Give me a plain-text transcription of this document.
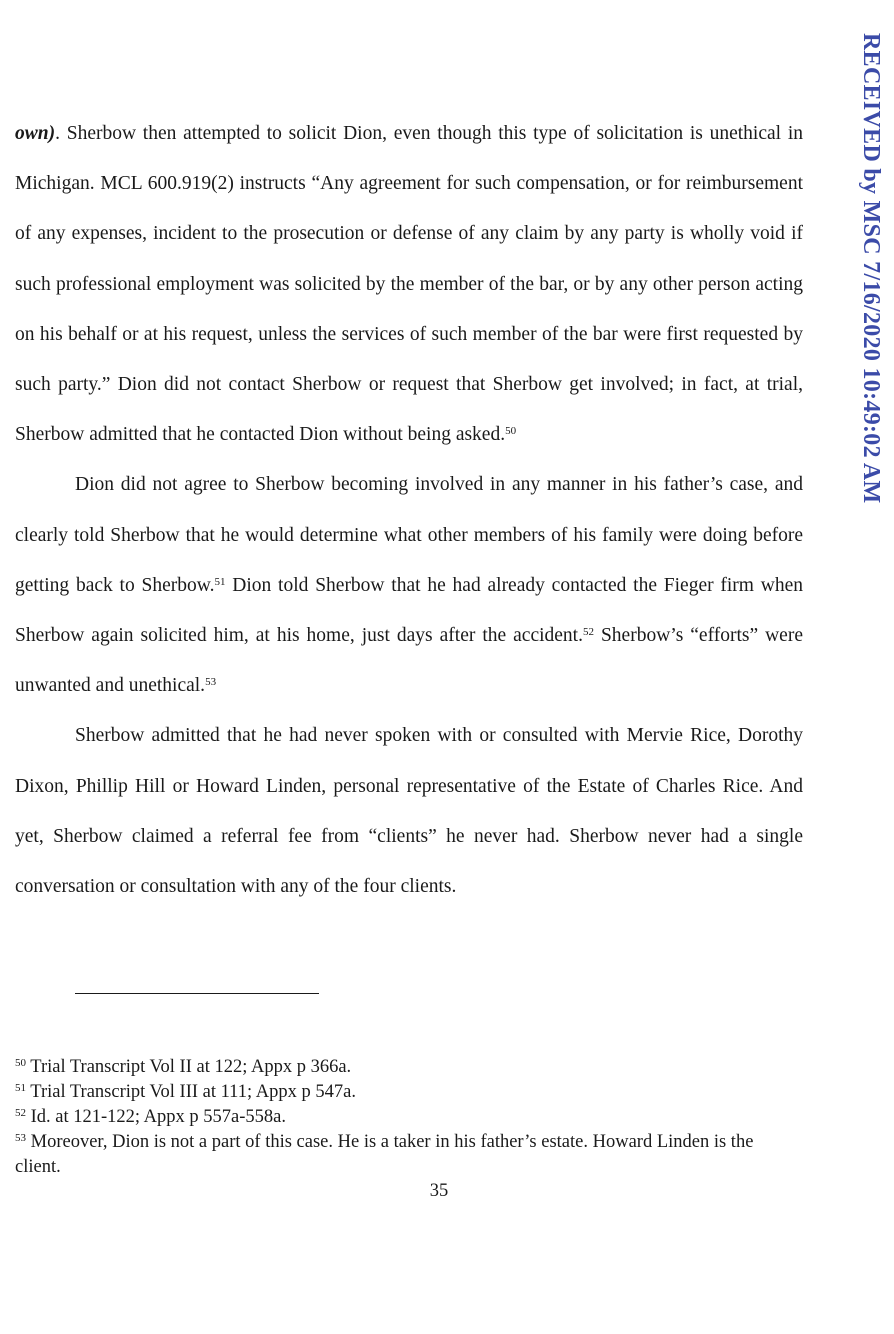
RECEIVED by MSC 7/16/2020 10:49:02 AM

own). Sherbow then attempted to solicit Dion, even though this type of solicitation is unethical in Michigan. MCL 600.919(2) instructs “Any agreement for such compensation, or for reimbursement of any expenses, incident to the prosecution or defense of any claim by any party is wholly void if such professional employment was solicited by the member of the bar, or by any other person acting on his behalf or at his request, unless the services of such member of the bar were first requested by such party.” Dion did not contact Sherbow or request that Sherbow get involved; in fact, at trial, Sherbow admitted that he contacted Dion without being asked.$^{50}$

Dion did not agree to Sherbow becoming involved in any manner in his father’s case, and clearly told Sherbow that he would determine what other members of his family were doing before getting back to Sherbow.$^{51}$ Dion told Sherbow that he had already contacted the Fieger firm when Sherbow again solicited him, at his home, just days after the accident.$^{52}$ Sherbow’s “efforts” were unwanted and unethical.$^{53}$

Sherbow admitted that he had never spoken with or consulted with Mervie Rice, Dorothy Dixon, Phillip Hill or Howard Linden, personal representative of the Estate of Charles Rice. And yet, Sherbow claimed a referral fee from “clients” he never had. Sherbow never had a single conversation or consultation with any of the four clients.

$^{50}$ Trial Transcript Vol II at 122; Appx p 366a.

$^{51}$ Trial Transcript Vol III at 111; Appx p 547a.

$^{52}$ Id. at 121-122; Appx p 557a-558a.

$^{53}$ Moreover, Dion is not a part of this case. He is a taker in his father’s estate. Howard Linden is the client.

35
